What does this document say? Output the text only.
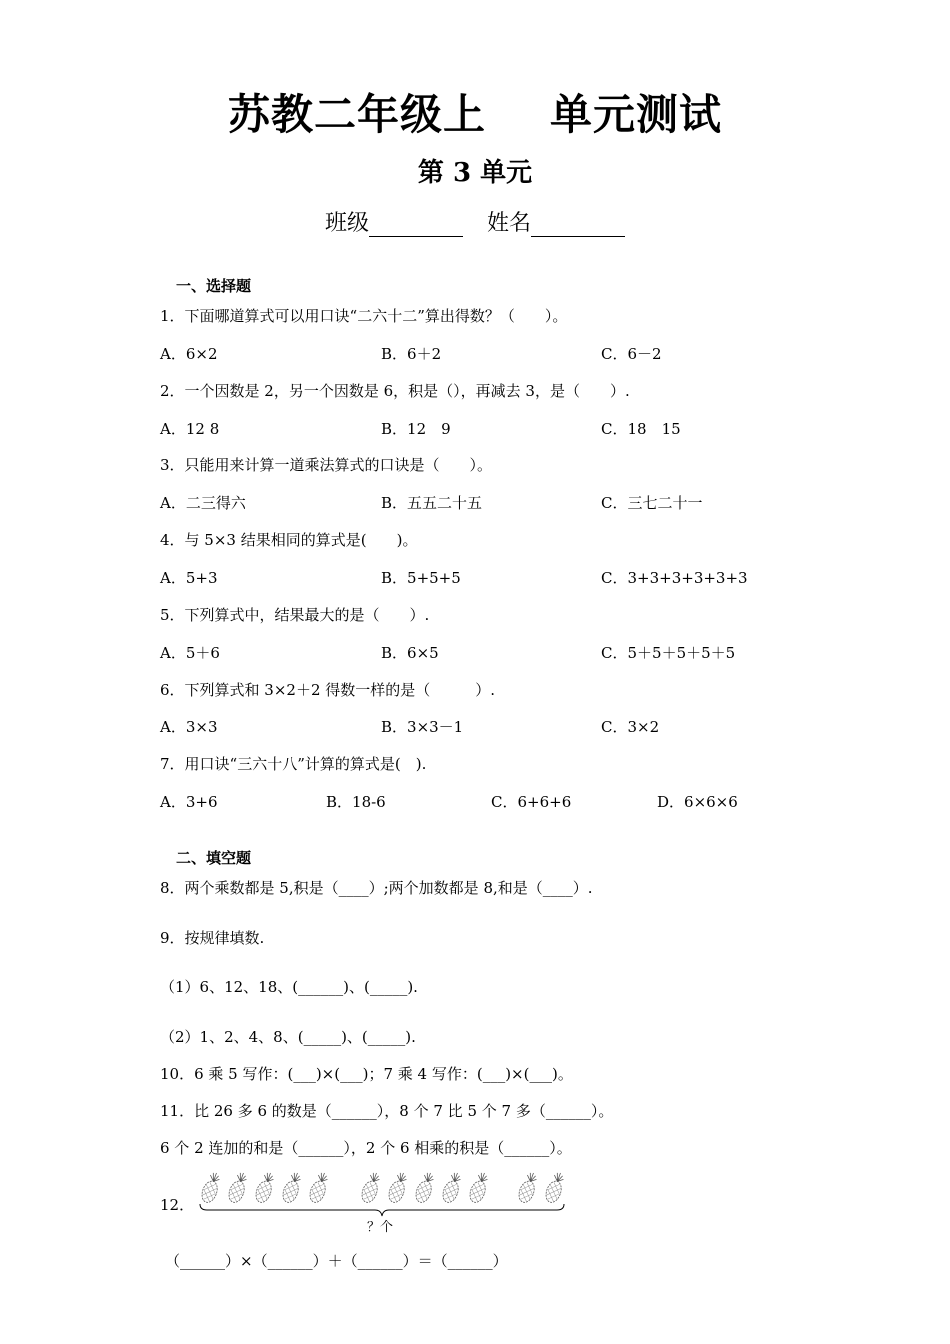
苏教二年级上 单元测试
第 3 单元
班级	姓名
一、选择题
1．下面哪道算式可以用口诀“二六十二”算出得数？（　　）。
A．6×2	B．6＋2	C．6－2
2．一个因数是 2，另一个因数是 6，积是（），再减去 3，是（　　）.
A．12 8	B．12　9	C．18　15
3．只能用来计算一道乘法算式的口诀是（　　）。
A．二三得六	B．五五二十五	C．三七二十一
4．与 5×3 结果相同的算式是(　　)。
A．5+3	B．5+5+5	C．3+3+3+3+3+3
5．下列算式中，结果最大的是（　　）.
A．5＋6	B．6×5	C．5＋5＋5＋5＋5
6．下列算式和 3×2＋2 得数一样的是（　　　）.
A．3×3	B．3×3－1	C．3×2
7．用口诀“三六十八”计算的算式是(　).
A．3+6	B．18-6	C．6+6+6	D．6×6×6
二、填空题
8．两个乘数都是 5,积是（____）;两个加数都是 8,和是（____）.
9．按规律填数.
（1）6、12、18、(______)、(_____).
（2）1、2、4、8、(_____)、(_____).
10．6 乘 5 写作：(___)×(___)；7 乘 4 写作：(___)×(___)。
11．比 26 多 6 的数是（______），8 个 7 比 5 个 7 多（______）。
6 个 2 连加的和是（______），2 个 6 相乘的积是（______）。
12．
？个
（______）×（______）＋（______）＝（______）
